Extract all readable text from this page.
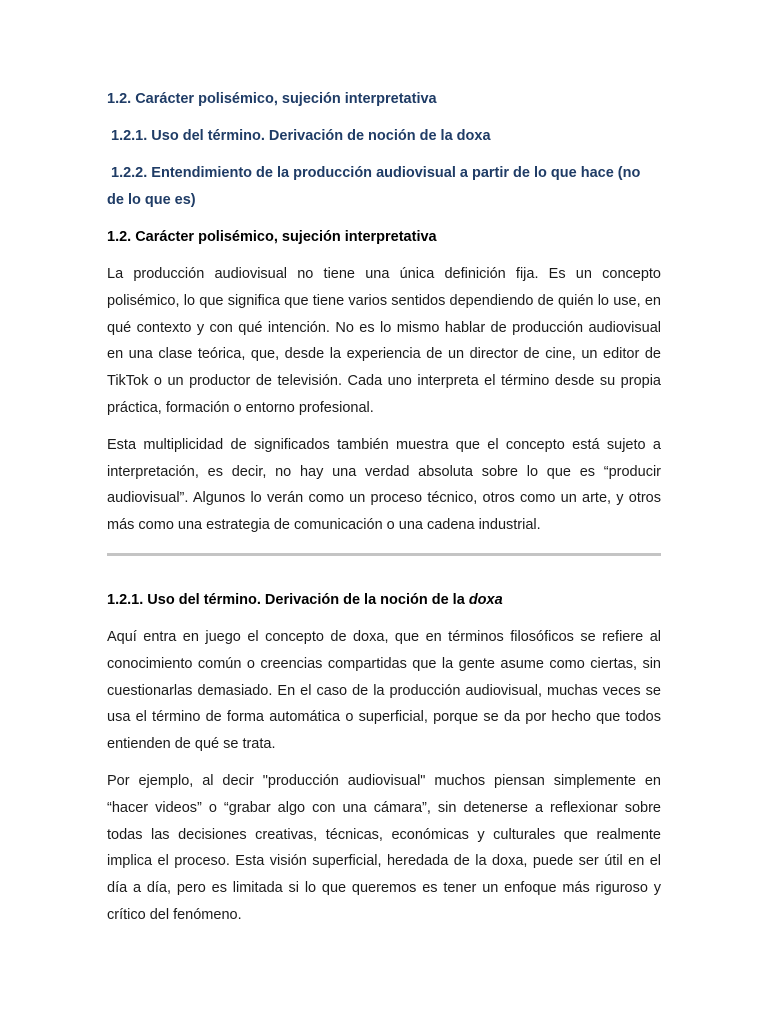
1.2. Carácter polisémico, sujeción interpretativa

1.2.1. Uso del término. Derivación de noción de la doxa

1.2.2. Entendimiento de la producción audiovisual a partir de lo que hace (no de lo que es)

1.2. Carácter polisémico, sujeción interpretativa

La producción audiovisual no tiene una única definición fija. Es un concepto polisémico, lo que significa que tiene varios sentidos dependiendo de quién lo use, en qué contexto y con qué intención. No es lo mismo hablar de producción audiovisual en una clase teórica, que, desde la experiencia de un director de cine, un editor de TikTok o un productor de televisión. Cada uno interpreta el término desde su propia práctica, formación o entorno profesional.

Esta multiplicidad de significados también muestra que el concepto está sujeto a interpretación, es decir, no hay una verdad absoluta sobre lo que es “producir audiovisual”. Algunos lo verán como un proceso técnico, otros como un arte, y otros más como una estrategia de comunicación o una cadena industrial.

1.2.1. Uso del término. Derivación de la noción de la doxa

Aquí entra en juego el concepto de doxa, que en términos filosóficos se refiere al conocimiento común o creencias compartidas que la gente asume como ciertas, sin cuestionarlas demasiado. En el caso de la producción audiovisual, muchas veces se usa el término de forma automática o superficial, porque se da por hecho que todos entienden de qué se trata.

Por ejemplo, al decir "producción audiovisual" muchos piensan simplemente en “hacer videos” o “grabar algo con una cámara”, sin detenerse a reflexionar sobre todas las decisiones creativas, técnicas, económicas y culturales que realmente implica el proceso. Esta visión superficial, heredada de la doxa, puede ser útil en el día a día, pero es limitada si lo que queremos es tener un enfoque más riguroso y crítico del fenómeno.
